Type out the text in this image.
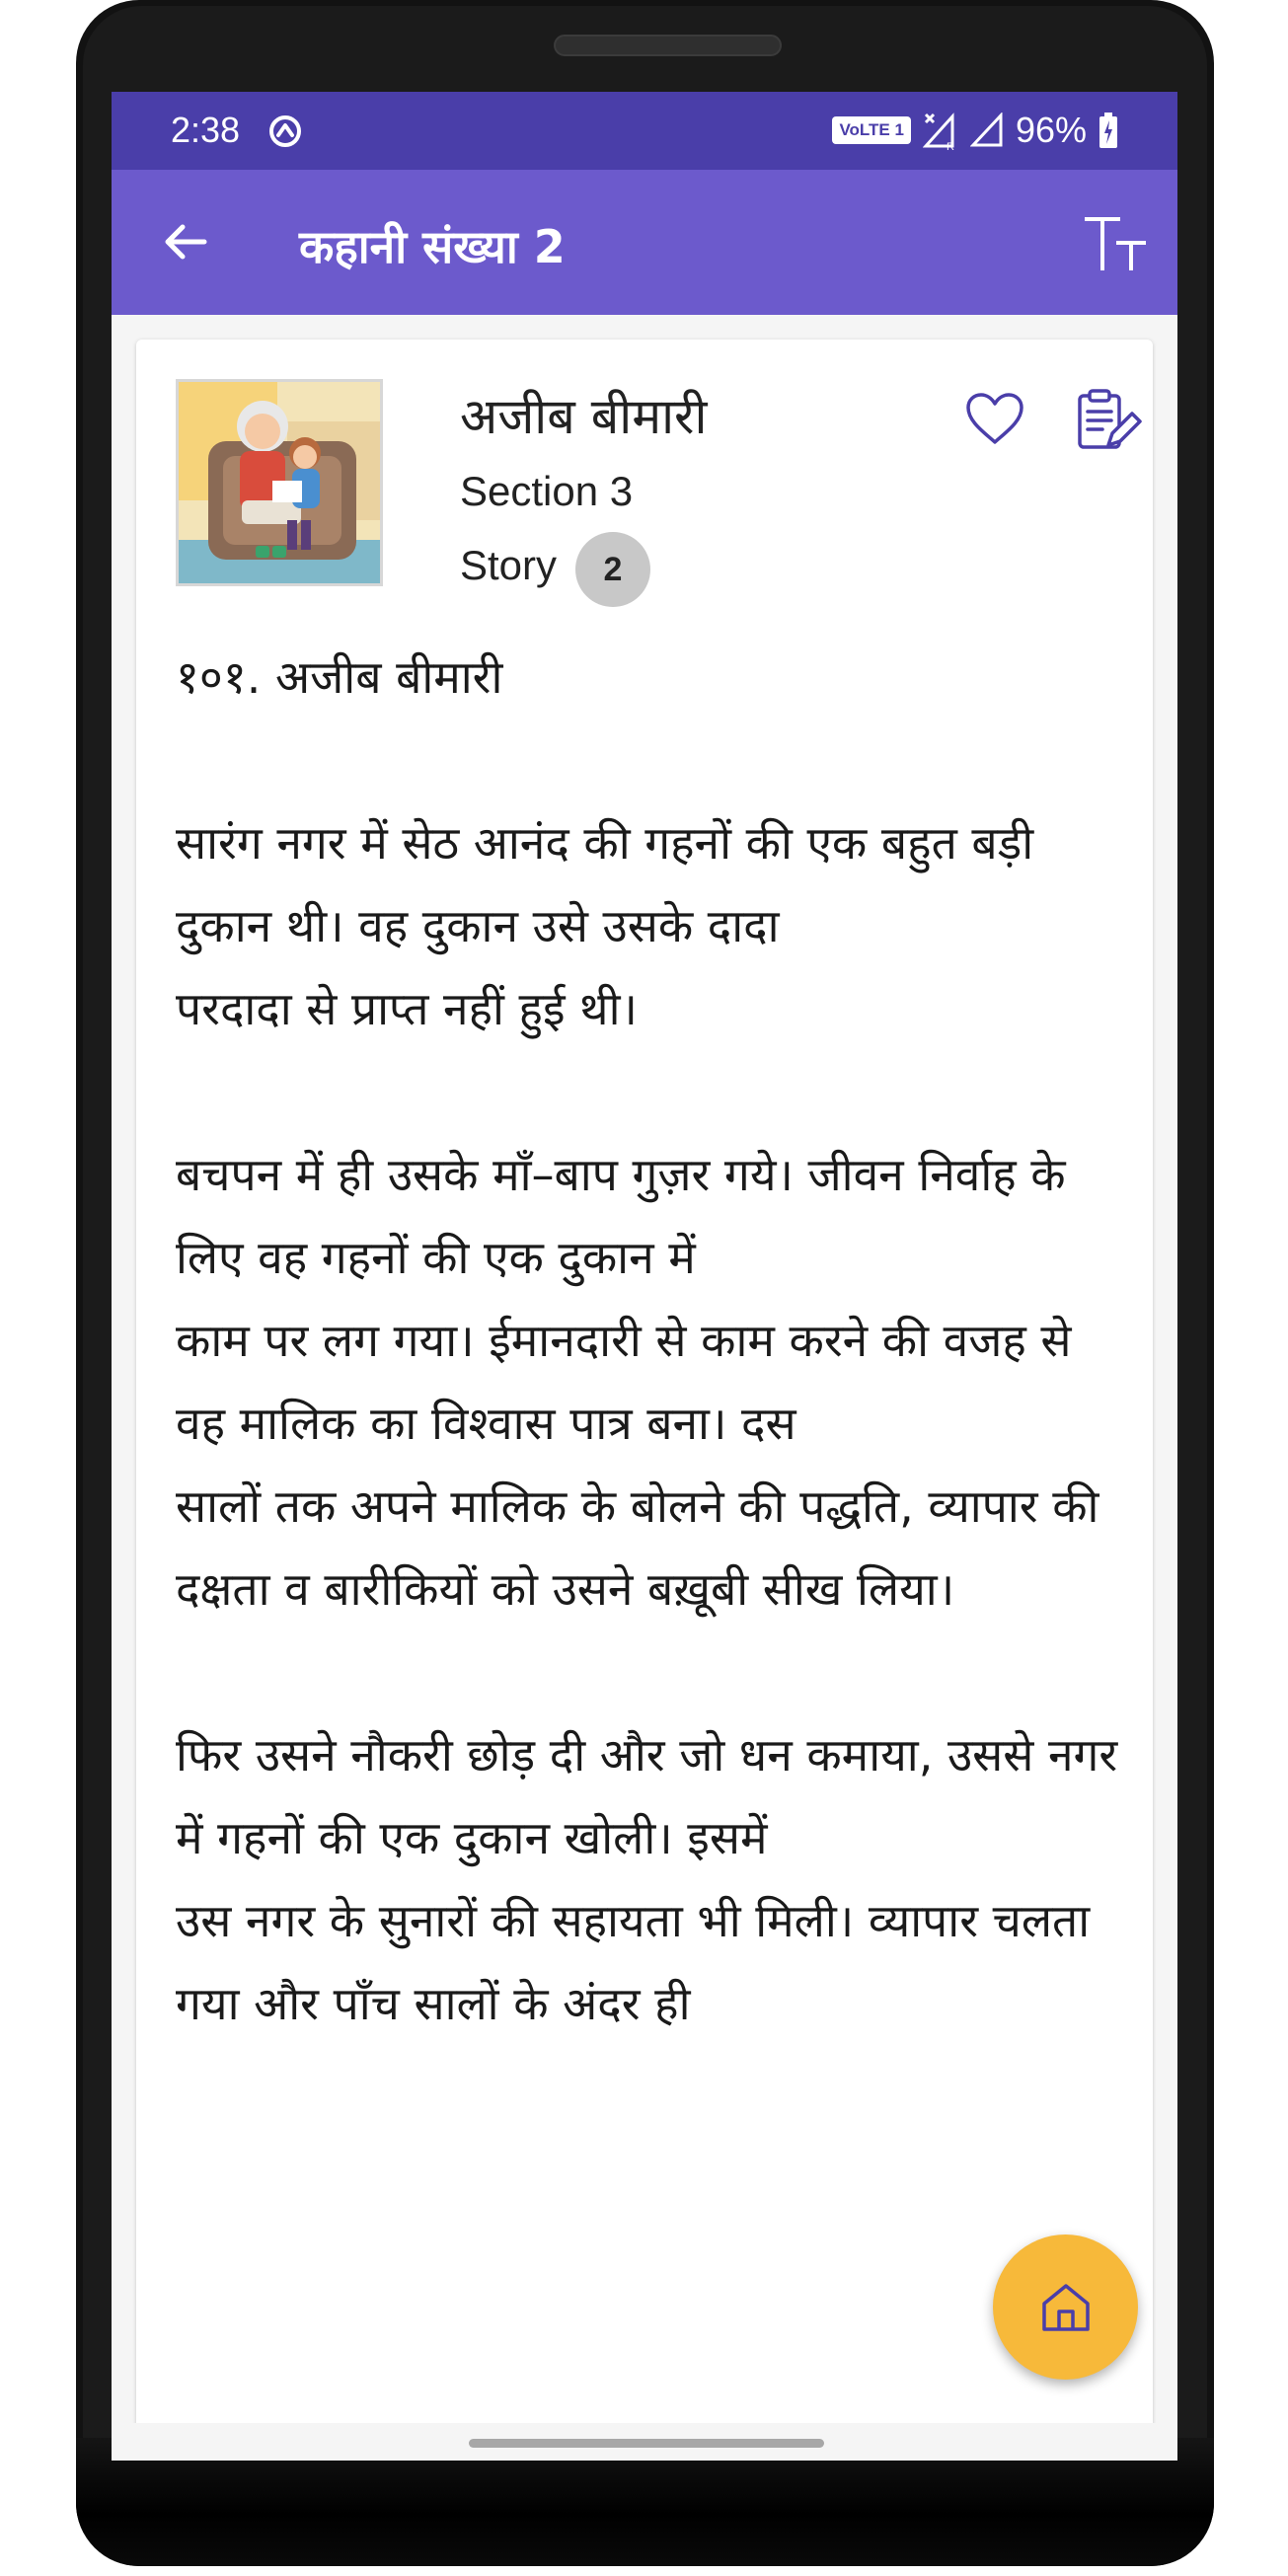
2:38	VoLTE 1
R 96%
कहानी संख्या 2
अजीब बीमारी
Section 3
Story	2
१०१. अजीब बीमारी

सारंग नगर में सेठ आनंद की गहनों की एक बहुत बड़ी दुकान थी। वह दुकान उसे उसके दादा
परदादा से प्राप्त नहीं हुई थी।

बचपन में ही उसके माँ–बाप गुज़र गये। जीवन निर्वाह के लिए वह गहनों की एक दुकान में
काम पर लग गया। ईमानदारी से काम करने की वजह से वह मालिक का विश्वास पात्र बना। दस
सालों तक अपने मालिक के बोलने की पद्धति, व्यापार की दक्षता व बारीकियों को उसने बख़ूबी सीख लिया।

फिर उसने नौकरी छोड़ दी और जो धन कमाया, उससे नगर में गहनों की एक दुकान खोली। इसमें
उस नगर के सुनारों की सहायता भी मिली। व्यापार चलता गया और पाँच सालों के अंदर ही
